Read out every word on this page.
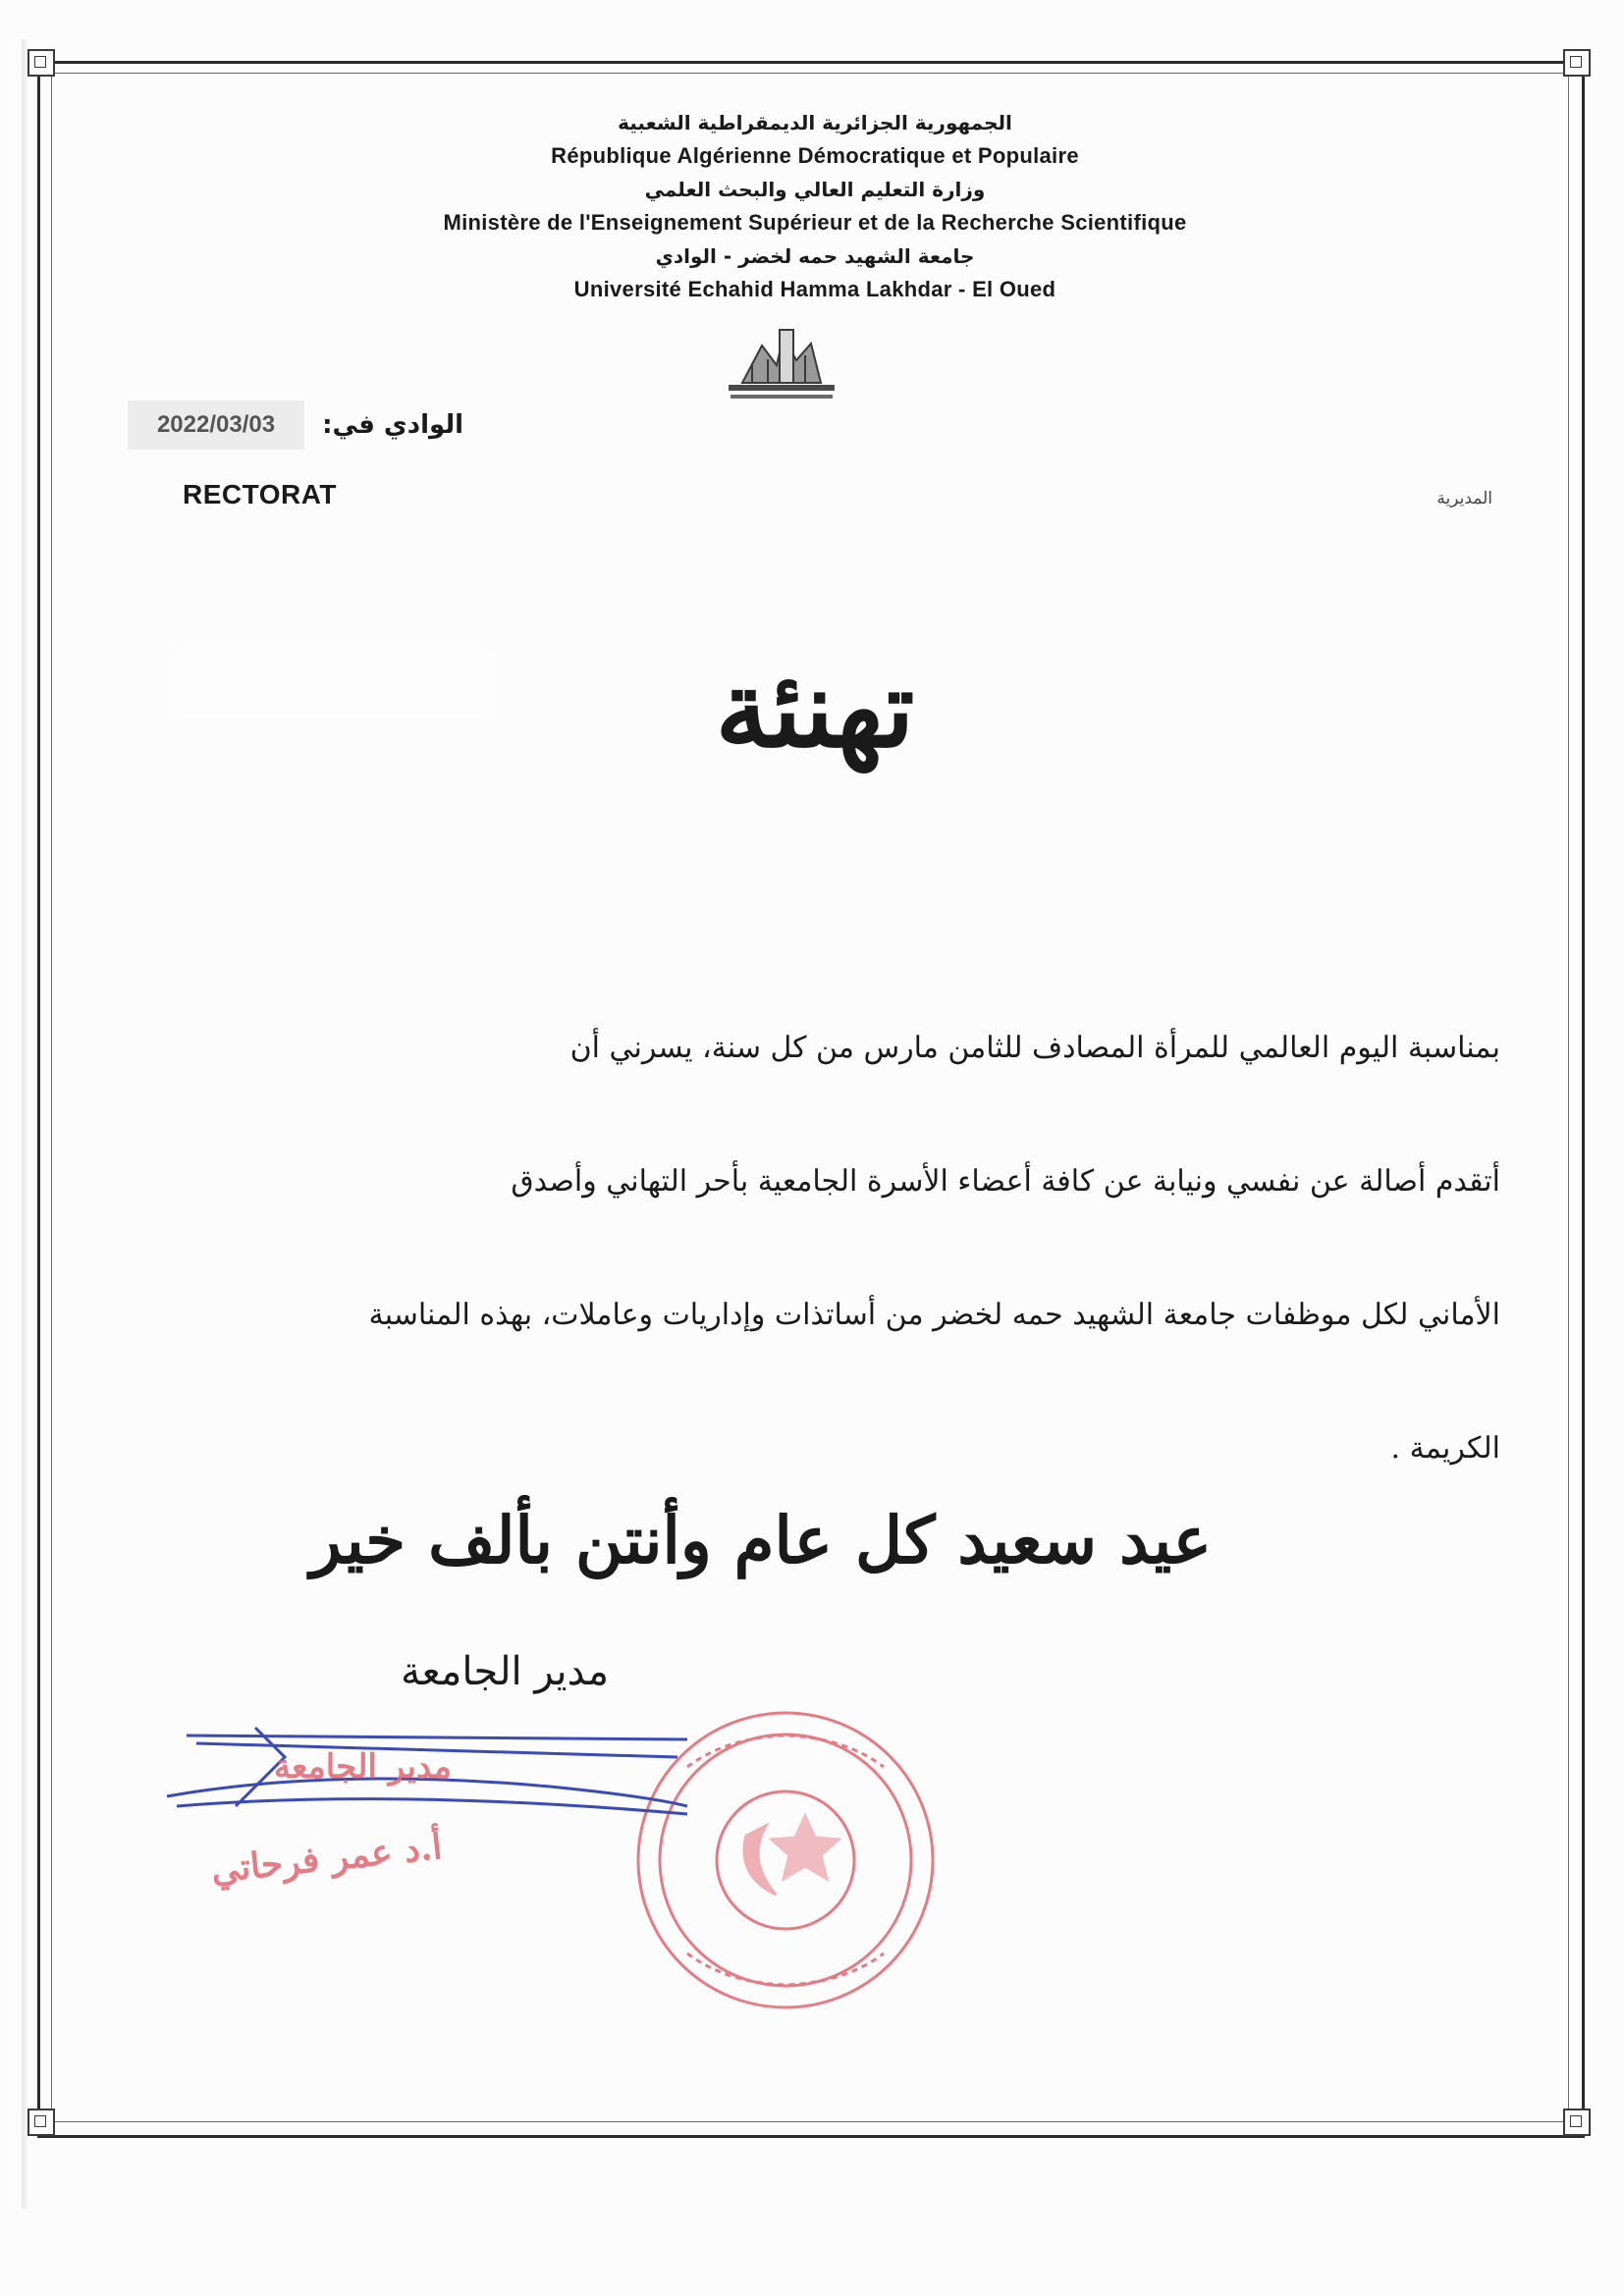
الجمهورية الجزائرية الديمقراطية الشعبية
République Algérienne Démocratique et Populaire
وزارة التعليم العالي والبحث العلمي
Ministère de l'Enseignement Supérieur et de la Recherche Scientifique
جامعة الشهيد حمه لخضر - الوادي
Université Echahid Hamma Lakhdar - El Oued
2022/03/03	الوادي في:
RECTORAT	المديرية
تهنئة
بمناسبة اليوم العالمي للمرأة المصادف للثامن مارس من كل سنة، يسرني أن
أتقدم أصالة عن نفسي ونيابة عن كافة أعضاء الأسرة الجامعية بأحر التهاني وأصدق
الأماني لكل موظفات جامعة الشهيد حمه لخضر من أساتذات وإداريات وعاملات، بهذه المناسبة
الكريمة .
عيد سعيد كل عام وأنتن بألف خير
مدير الجامعة
مدير الجامعة
أ.د عمر فرحاتي
